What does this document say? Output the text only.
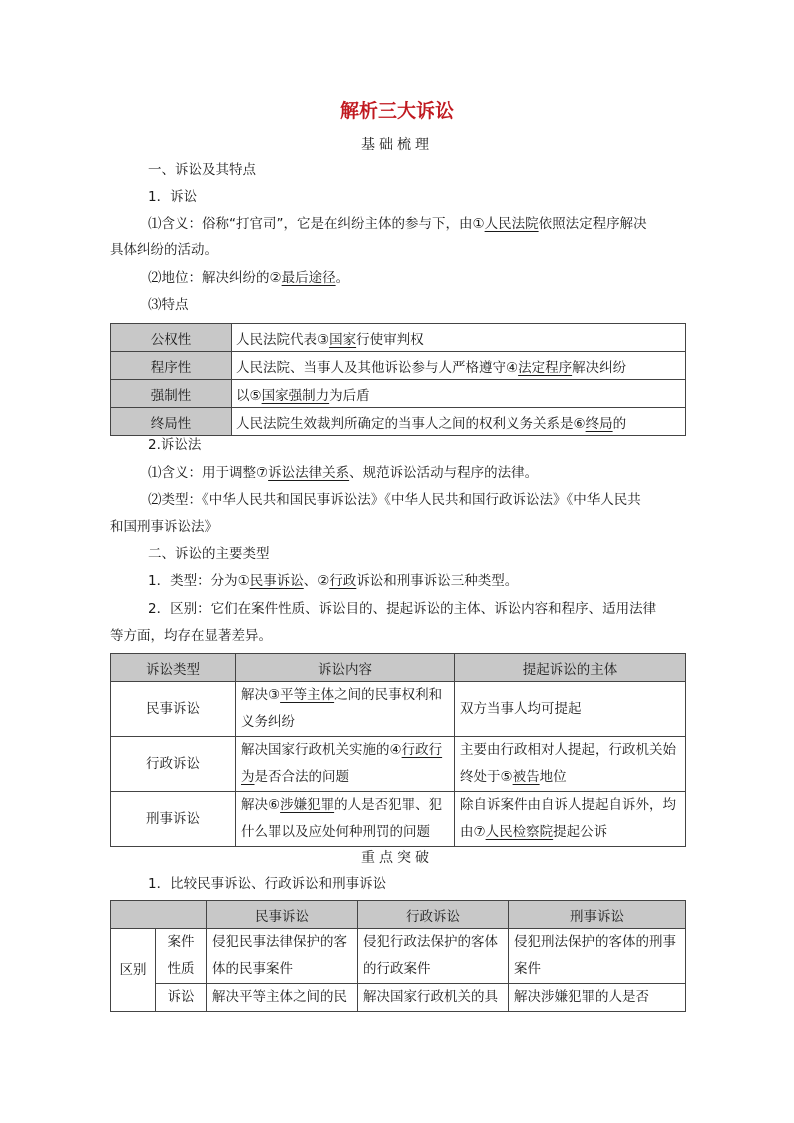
解析三大诉讼
基础梳理
一、诉讼及其特点
1．诉讼
⑴含义：俗称“打官司”，它是在纠纷主体的参与下，由①人民法院依照法定程序解决
具体纠纷的活动。
⑵地位：解决纠纷的②最后途径。
⑶特点
公权性	人民法院代表③国家行使审判权
程序性	人民法院、当事人及其他诉讼参与人严格遵守④法定程序解决纠纷
强制性	以⑤国家强制力为后盾
终局性	人民法院生效裁判所确定的当事人之间的权利义务关系是⑥终局的
2.诉讼法
⑴含义：用于调整⑦诉讼法律关系、规范诉讼活动与程序的法律。
⑵类型：《中华人民共和国民事诉讼法》《中华人民共和国行政诉讼法》《中华人民共
和国刑事诉讼法》
二、诉讼的主要类型
1．类型：分为①民事诉讼、②行政诉讼和刑事诉讼三种类型。
2．区别：它们在案件性质、诉讼目的、提起诉讼的主体、诉讼内容和程序、适用法律
等方面，均存在显著差异。
诉讼类型	诉讼内容	提起诉讼的主体
民事诉讼	解决③平等主体之间的民事权利和义务纠纷	双方当事人均可提起
行政诉讼	解决国家行政机关实施的④行政行为是否合法的问题	主要由行政相对人提起，行政机关始终处于⑤被告地位
刑事诉讼	解决⑥涉嫌犯罪的人是否犯罪、犯什么罪以及应处何种刑罚的问题	除自诉案件由自诉人提起自诉外，均由⑦人民检察院提起公诉
重点突破
1．比较民事诉讼、行政诉讼和刑事诉讼
		民事诉讼	行政诉讼	刑事诉讼
区别	案件性质	侵犯民事法律保护的客体的民事案件	侵犯行政法保护的客体的行政案件	侵犯刑法保护的客体的刑事案件
	诉讼	解决平等主体之间的民	解决国家行政机关的具	解决涉嫌犯罪的人是否
